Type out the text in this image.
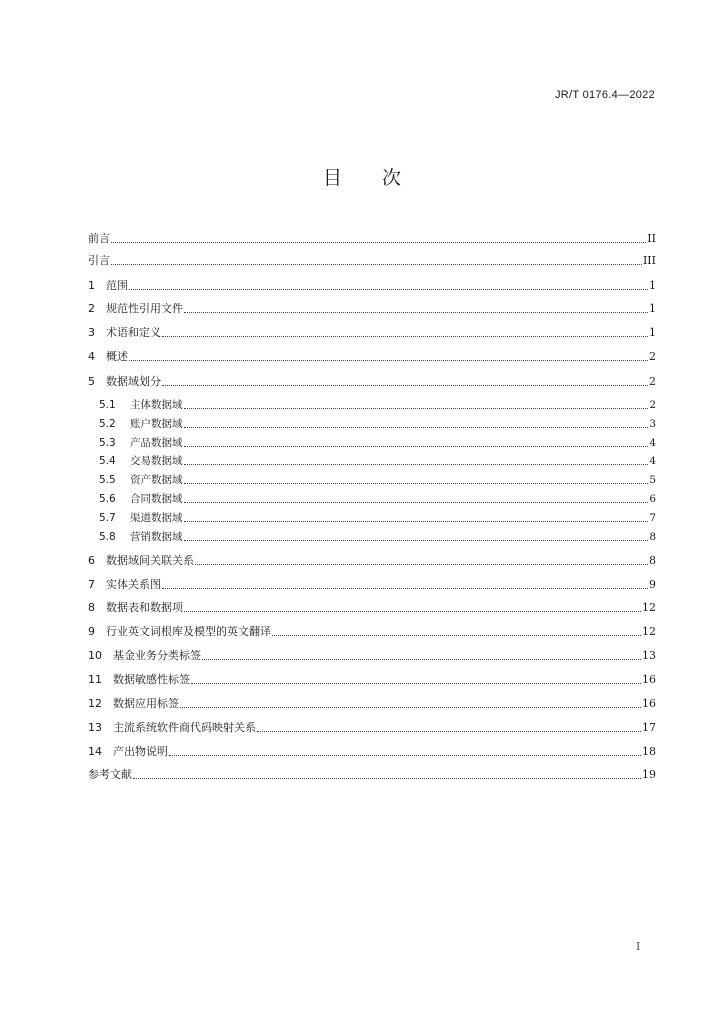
JR/T 0176.4—2022
目 次
前言	II
引言	III
1	范围	1
2	规范性引用文件	1
3	术语和定义	1
4	概述	2
5	数据域划分	2
5.1	主体数据域	2
5.2	账户数据域	3
5.3	产品数据域	4
5.4	交易数据域	4
5.5	资产数据域	5
5.6	合同数据域	6
5.7	渠道数据域	7
5.8	营销数据域	8
6	数据域间关联关系	8
7	实体关系图	9
8	数据表和数据项	12
9	行业英文词根库及模型的英文翻译	12
10	基金业务分类标签	13
11	数据敏感性标签	16
12	数据应用标签	16
13	主流系统软件商代码映射关系	17
14	产出物说明	18
参考文献	19
I
